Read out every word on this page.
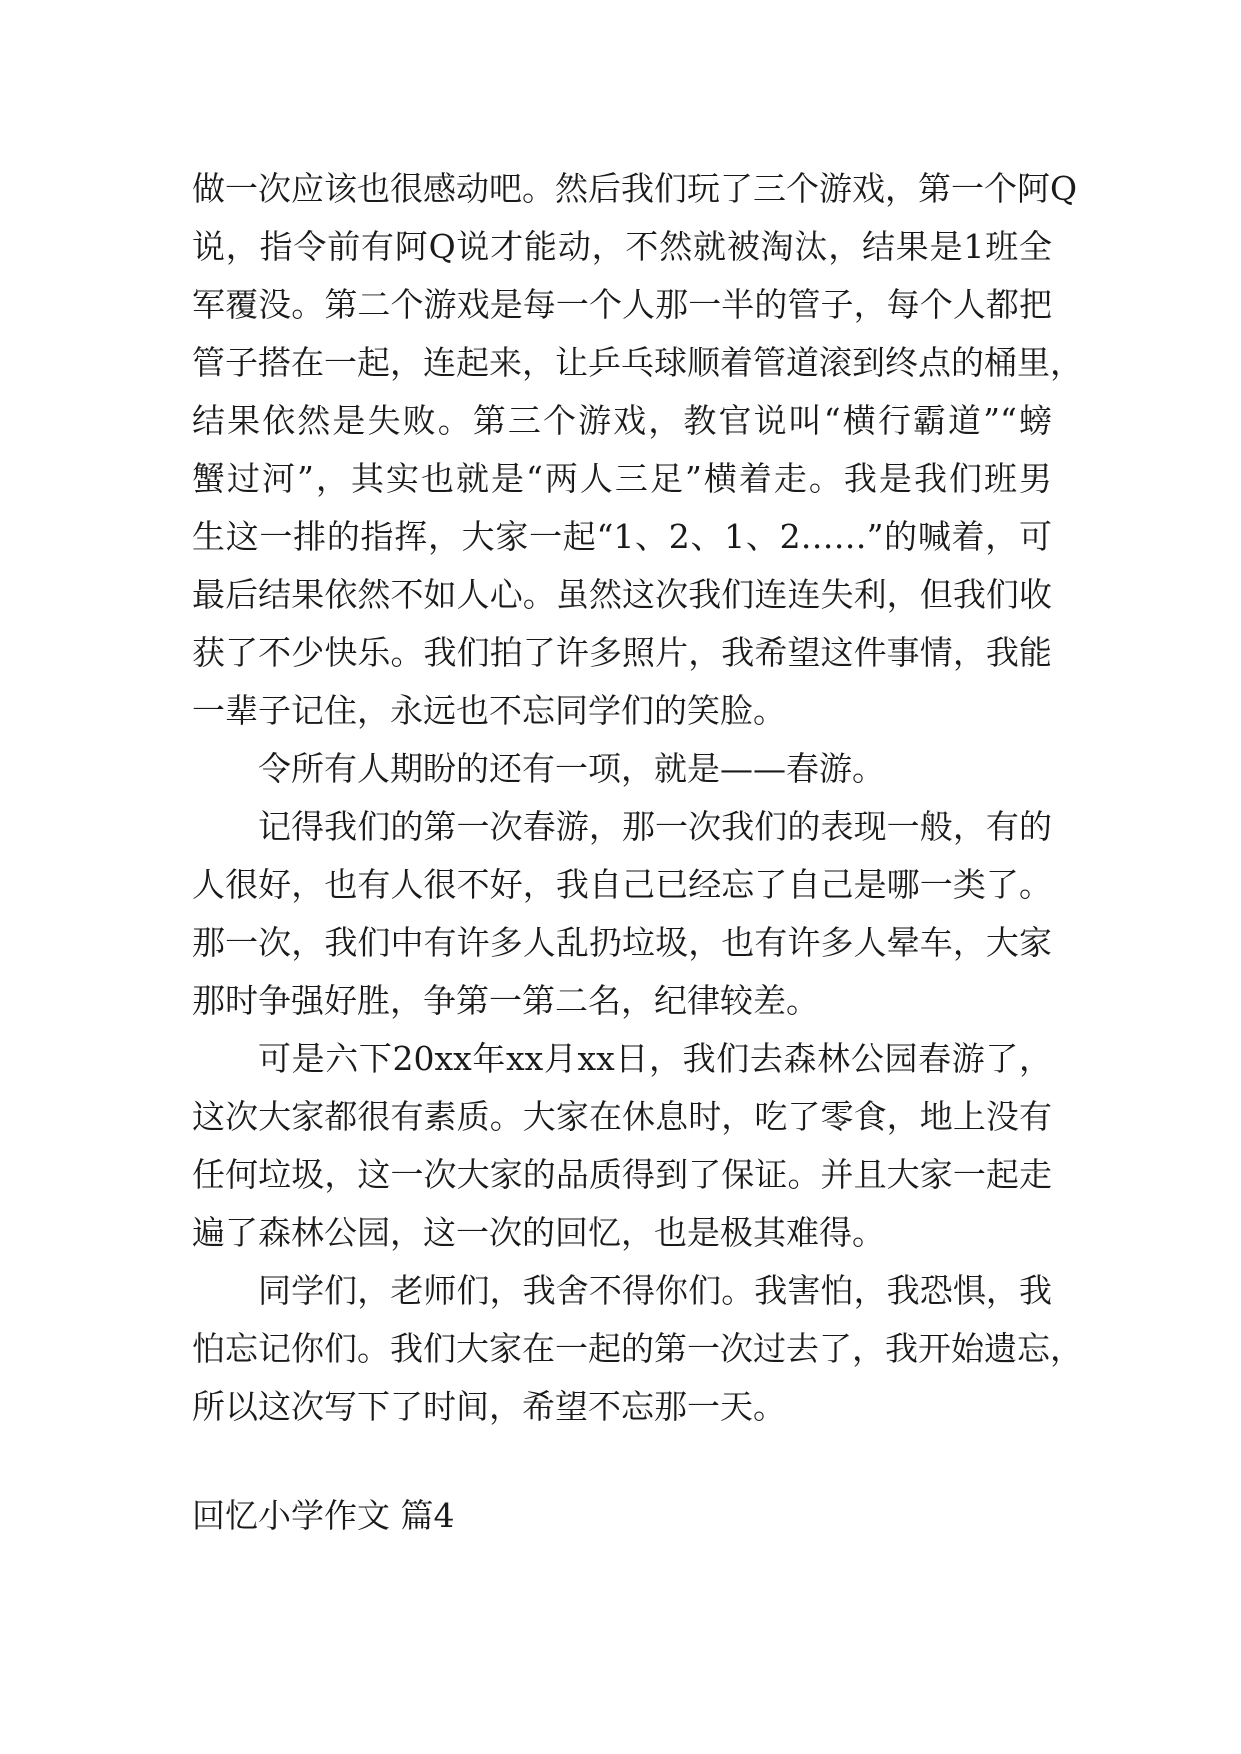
做一次应该也很感动吧。然后我们玩了三个游戏，第一个阿Q
说，指令前有阿Q说才能动，不然就被淘汰，结果是1班全
军覆没。第二个游戏是每一个人那一半的管子，每个人都把
管子搭在一起，连起来，让乒乓球顺着管道滚到终点的桶里，
结果依然是失败。第三个游戏，教官说叫“横行霸道”“螃
蟹过河”，其实也就是“两人三足”横着走。我是我们班男
生这一排的指挥，大家一起“1、2、1、2……”的喊着，可
最后结果依然不如人心。虽然这次我们连连失利，但我们收
获了不少快乐。我们拍了许多照片，我希望这件事情，我能
一辈子记住，永远也不忘同学们的笑脸。
令所有人期盼的还有一项，就是——春游。
记得我们的第一次春游，那一次我们的表现一般，有的
人很好，也有人很不好，我自己已经忘了自己是哪一类了。
那一次，我们中有许多人乱扔垃圾，也有许多人晕车，大家
那时争强好胜，争第一第二名，纪律较差。
可是六下20xx年xx月xx日，我们去森林公园春游了，
这次大家都很有素质。大家在休息时，吃了零食，地上没有
任何垃圾，这一次大家的品质得到了保证。并且大家一起走
遍了森林公园，这一次的回忆，也是极其难得。
同学们，老师们，我舍不得你们。我害怕，我恐惧，我
怕忘记你们。我们大家在一起的第一次过去了，我开始遗忘，
所以这次写下了时间，希望不忘那一天。
回忆小学作文 篇4
